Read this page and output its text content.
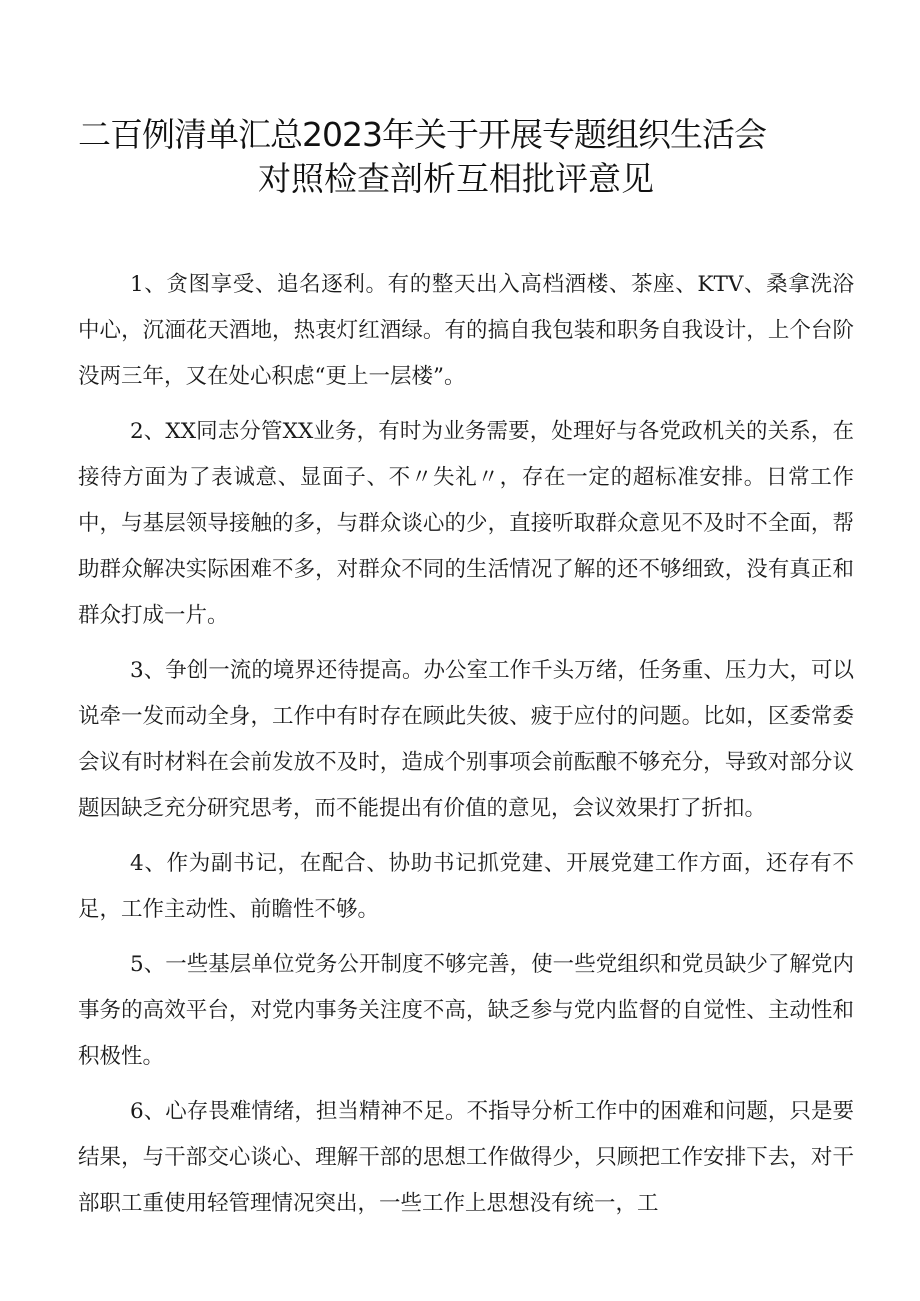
二百例清单汇总2023年关于开展专题组织生活会
对照检查剖析互相批评意见

1、贪图享受、追名逐利。有的整天出入高档酒楼、茶座、KTV、桑拿洗浴中心，沉湎花天酒地，热衷灯红酒绿。有的搞自我包装和职务自我设计，上个台阶没两三年，又在处心积虑“更上一层楼”。

2、XX同志分管XX业务，有时为业务需要，处理好与各党政机关的关系，在接待方面为了表诚意、显面子、不〃失礼〃，存在一定的超标准安排。日常工作中，与基层领导接触的多，与群众谈心的少，直接听取群众意见不及时不全面，帮助群众解决实际困难不多，对群众不同的生活情况了解的还不够细致，没有真正和群众打成一片。

3、争创一流的境界还待提高。办公室工作千头万绪，任务重、压力大，可以说牵一发而动全身，工作中有时存在顾此失彼、疲于应付的问题。比如，区委常委会议有时材料在会前发放不及时，造成个别事项会前酝酿不够充分，导致对部分议题因缺乏充分研究思考，而不能提出有价值的意见，会议效果打了折扣。

4、作为副书记，在配合、协助书记抓党建、开展党建工作方面，还存有不足，工作主动性、前瞻性不够。

5、一些基层单位党务公开制度不够完善，使一些党组织和党员缺少了解党内事务的高效平台，对党内事务关注度不高，缺乏参与党内监督的自觉性、主动性和积极性。

6、心存畏难情绪，担当精神不足。不指导分析工作中的困难和问题，只是要结果，与干部交心谈心、理解干部的思想工作做得少，只顾把工作安排下去，对干部职工重使用轻管理情况突出，一些工作上思想没有统一，工
